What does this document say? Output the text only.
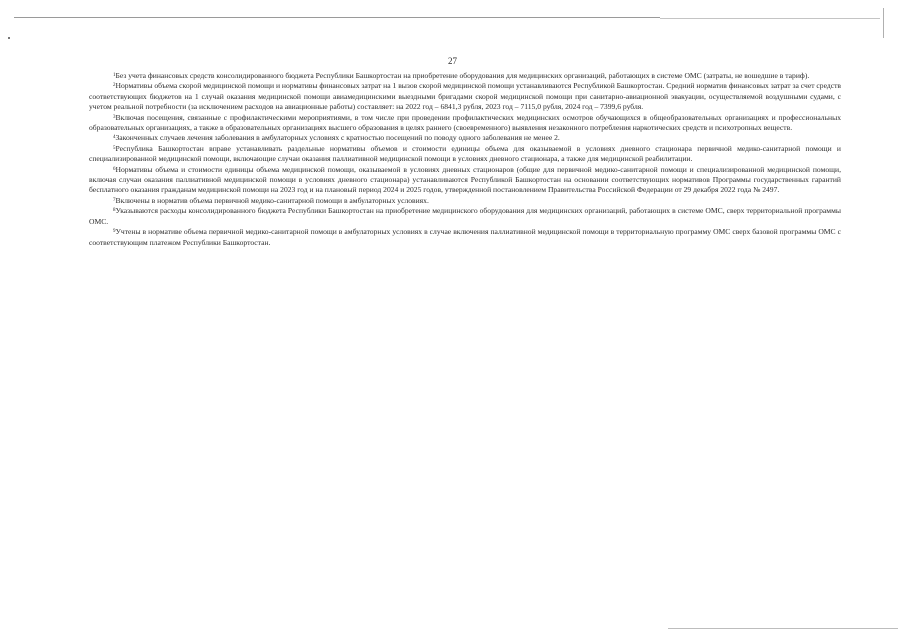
27

$^1$Без учета финансовых средств консолидированного бюджета Республики Башкортостан на приобретение оборудования для медицинских организаций, работающих в системе ОМС (затраты, не вошедшие в тариф).

$^2$Нормативы объема скорой медицинской помощи и нормативы финансовых затрат на 1 вызов скорой медицинской помощи устанавливаются Республикой Башкортостан. Средний норматив финансовых затрат за счет средств соответствующих бюджетов на 1 случай оказания медицинской помощи авиамедицинскими выездными бригадами скорой медицинской помощи при санитарно-авиационной эвакуации, осуществляемой воздушными судами, с учетом реальной потребности (за исключением расходов на авиационные работы) составляет: на 2022 год – 6841,3 рубля, 2023 год – 7115,0 рубля, 2024 год – 7399,6 рубля.

$^3$Включая посещения, связанные с профилактическими мероприятиями, в том числе при проведении профилактических медицинских осмотров обучающихся в общеобразовательных организациях и профессиональных образовательных организациях, а также в образовательных организациях высшего образования в целях раннего (своевременного) выявления незаконного потребления наркотических средств и психотропных веществ.

$^4$Законченных случаев лечения заболевания в амбулаторных условиях с кратностью посещений по поводу одного заболевания не менее 2.

$^5$Республика Башкортостан вправе устанавливать раздельные нормативы объемов и стоимости единицы объема для оказываемой в условиях дневного стационара первичной медико-санитарной помощи и специализированной медицинской помощи, включающие случаи оказания паллиативной медицинской помощи в условиях дневного стационара, а также для медицинской реабилитации.

$^6$Нормативы объема и стоимости единицы объема медицинской помощи, оказываемой в условиях дневных стационаров (общие для первичной медико-санитарной помощи и специализированной медицинской помощи, включая случаи оказания паллиативной медицинской помощи в условиях дневного стационара) устанавливаются Республикой Башкортостан на основании соответствующих нормативов Программы государственных гарантий бесплатного оказания гражданам медицинской помощи на 2023 год и на плановый период 2024 и 2025 годов, утвержденной постановлением Правительства Российской Федерации от 29 декабря 2022 года № 2497.

$^7$Включены в норматив объема первичной медико-санитарной помощи в амбулаторных условиях.

$^8$Указываются расходы консолидированного бюджета Республики Башкортостан на приобретение медицинского оборудования для медицинских организаций, работающих в системе ОМС, сверх территориальной программы ОМС.

$^9$Учтены в нормативе объема первичной медико-санитарной помощи в амбулаторных условиях в случае включения паллиативной медицинской помощи в территориальную программу ОМС сверх базовой программы ОМС с соответствующим платежом Республики Башкортостан.
